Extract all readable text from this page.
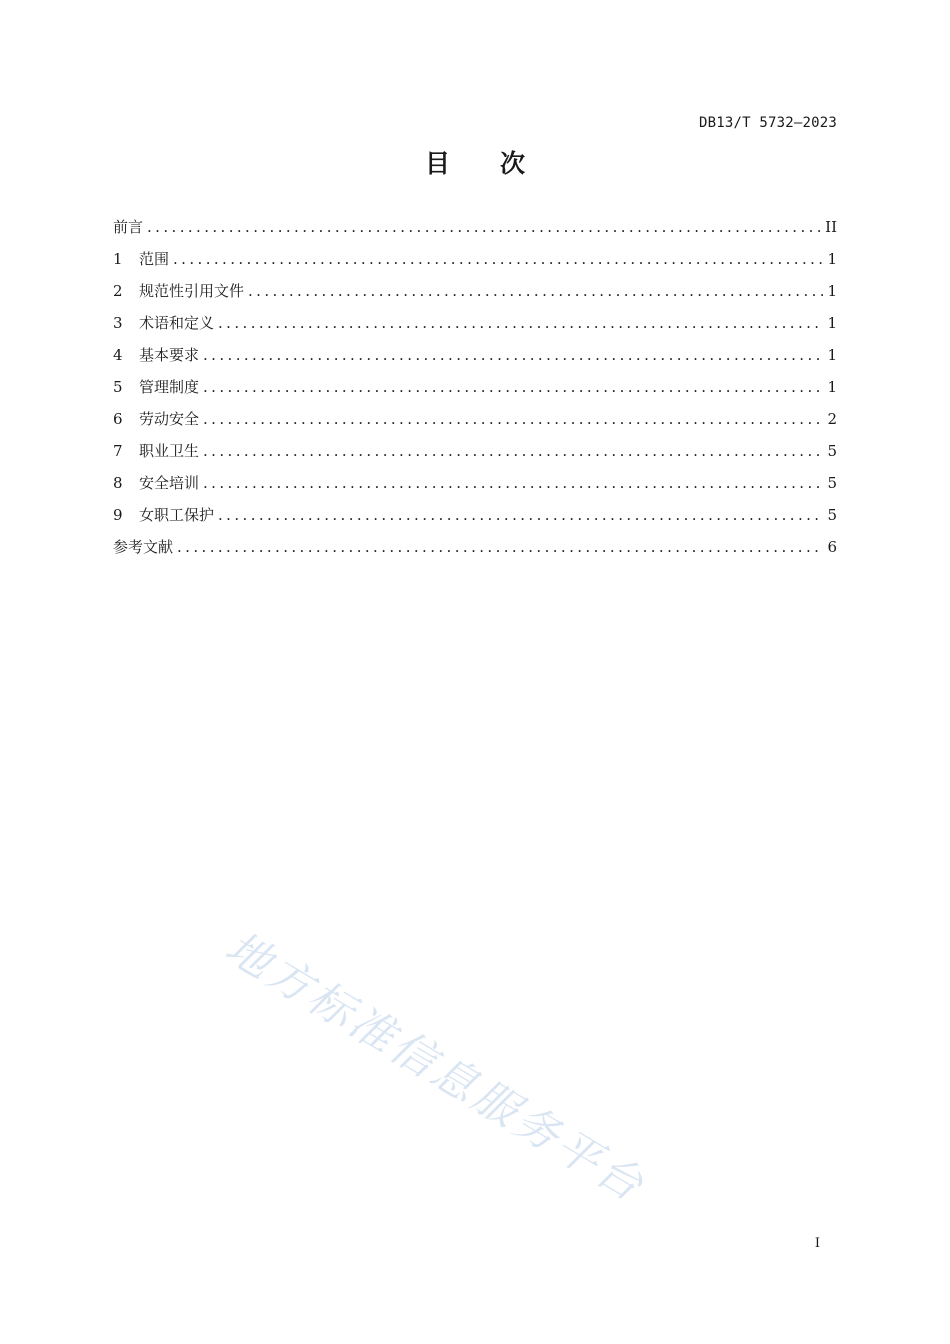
DB13/T 5732—2023
目次
前言 .....	II
1	范围 .....	1
2	规范性引用文件 .....	1
3	术语和定义 .....	1
4	基本要求 .....	1
5	管理制度 .....	1
6	劳动安全 .....	2
7	职业卫生 .....	5
8	安全培训 .....	5
9	女职工保护 .....	5
参考文献 .....	6
地方标准信息服务平台
I
